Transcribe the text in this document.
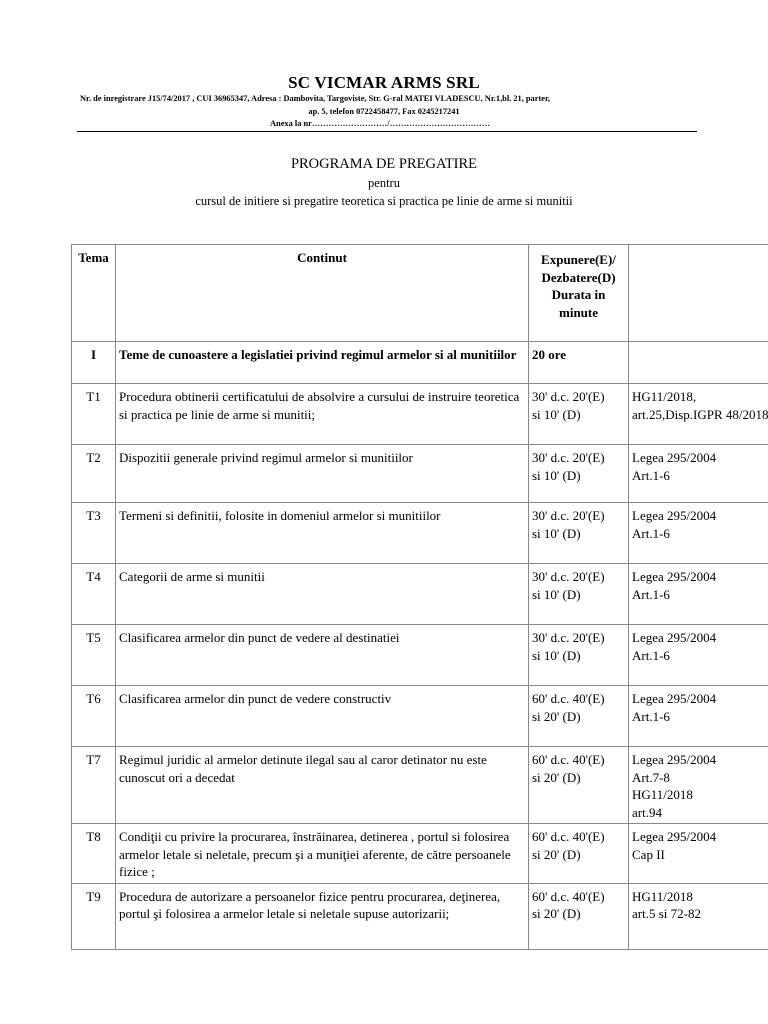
SC VICMAR ARMS SRL
Nr. de inregistrare J15/74/2017 , CUI 36965347, Adresa : Dambovita, Targoviste, Str. G-ral MATEI VLADESCU, Nr.1,bl. 21, parter,
ap. 5, telefon 0722458477, Fax 0245217241
Anexa la nr………………………/………………………………
PROGRAMA DE PREGATIRE
pentru
cursul de initiere si pregatire teoretica si practica pe linie de arme si munitii
Tema	Continut	Expunere(E)/ Dezbatere(D) Durata in minute	
I	Teme de cunoastere a legislatiei privind regimul armelor si al munitiilor	20 ore	
T1	Procedura obtinerii certificatului de absolvire a cursului de instruire teoretica si practica pe linie de arme si munitii;	30' d.c. 20'(E)
si 10' (D)	HG11/2018,
art.25,Disp.IGPR 48/2018
T2	Dispozitii generale privind regimul armelor si munitiilor	30' d.c. 20'(E)
si 10' (D)	Legea 295/2004
Art.1-6
T3	Termeni si definitii, folosite in domeniul armelor si munitiilor	30' d.c. 20'(E)
si 10' (D)	Legea 295/2004
Art.1-6
T4	Categorii de arme si munitii	30' d.c. 20'(E)
si 10' (D)	Legea 295/2004
Art.1-6
T5	Clasificarea armelor din punct de vedere al destinatiei	30' d.c. 20'(E)
si 10' (D)	Legea 295/2004
Art.1-6
T6	Clasificarea armelor din punct de vedere constructiv	60' d.c. 40'(E)
si 20' (D)	Legea 295/2004
Art.1-6
T7	Regimul juridic al armelor detinute ilegal sau al caror detinator nu este cunoscut ori a decedat	60' d.c. 40'(E)
si 20' (D)	Legea 295/2004
Art.7-8
HG11/2018
art.94
T8	Condiţii cu privire la procurarea, înstrăinarea, detinerea , portul si folosirea armelor letale si neletale, precum şi a muniţiei aferente, de către persoanele fizice ;	60' d.c. 40'(E)
si 20' (D)	Legea 295/2004
Cap II
T9	Procedura de autorizare a persoanelor fizice pentru procurarea, deţinerea, portul şi folosirea a armelor letale si neletale supuse autorizarii;	60' d.c. 40'(E)
si 20' (D)	HG11/2018
art.5 si 72-82
